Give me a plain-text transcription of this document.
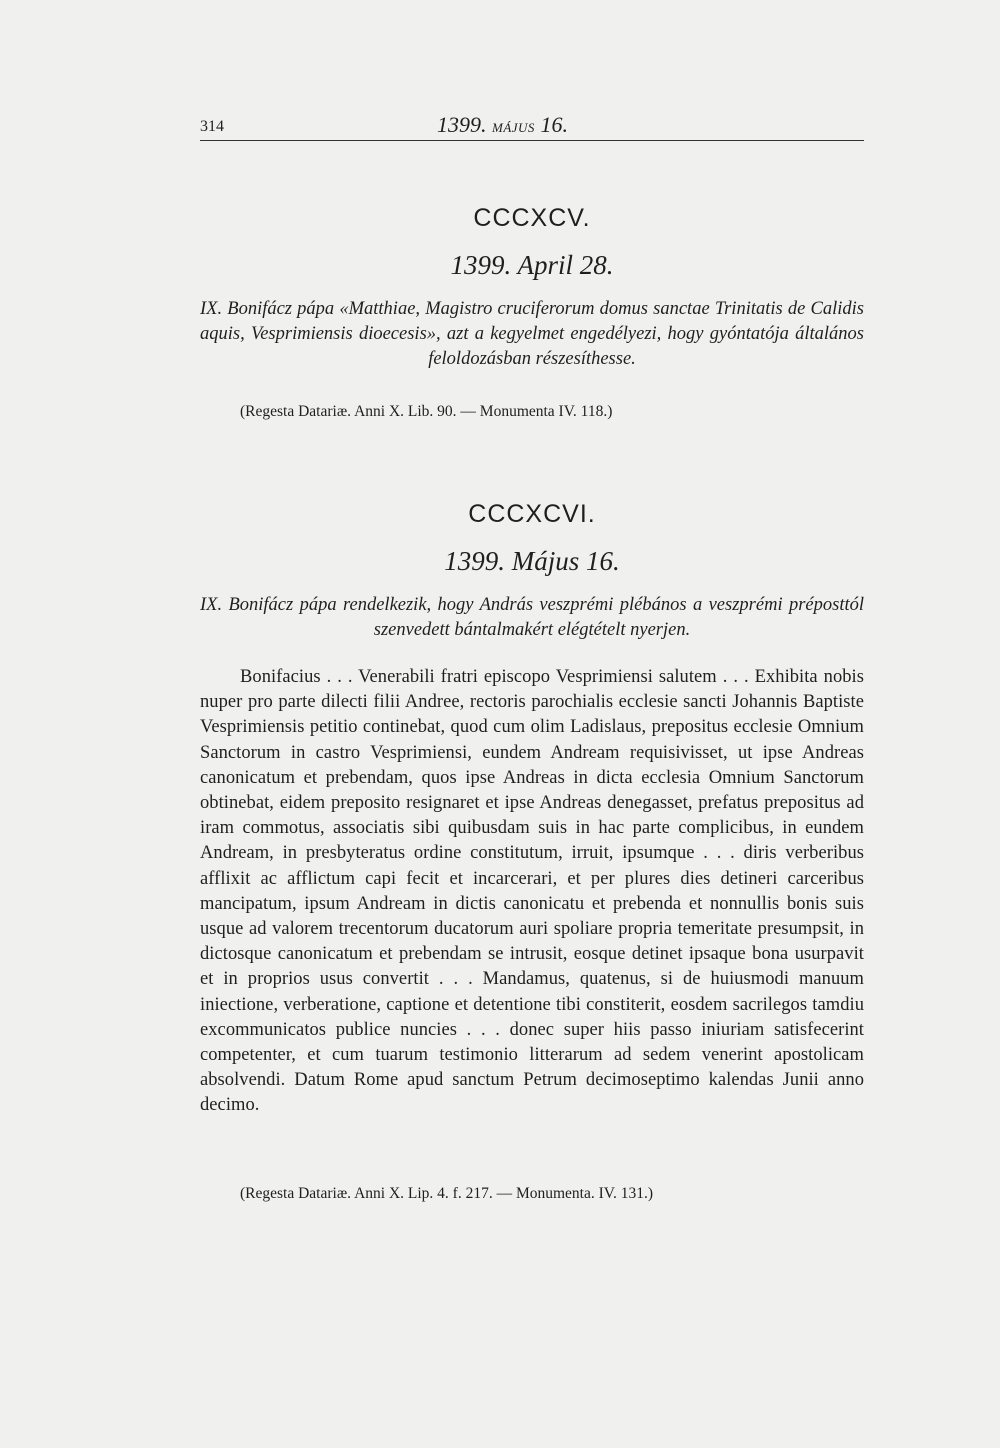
314	1399. MÁJUS 16.
CCCXCV.
1399. April 28.
IX. Bonifácz pápa «Matthiae, Magistro cruciferorum domus sanctae Trinitatis de Calidis aquis, Vesprimiensis dioecesis», azt a kegyelmet engedélyezi, hogy gyóntatója általános feloldozásban részesíthesse.
(Regesta Datariæ. Anni X. Lib. 90. — Monumenta IV. 118.)
CCCXCVI.
1399. Május 16.
IX. Bonifácz pápa rendelkezik, hogy András veszprémi plébános a veszprémi préposttól szenvedett bántalmakért elégtételt nyerjen.

Bonifacius . . . Venerabili fratri episcopo Vesprimiensi salutem . . . Exhibita nobis nuper pro parte dilecti filii Andree, rectoris parochialis ecclesie sancti Johannis Baptiste Vesprimiensis petitio continebat, quod cum olim Ladislaus, prepositus ecclesie Omnium Sanctorum in castro Vesprimiensi, eundem Andream requisivisset, ut ipse Andreas canonicatum et prebendam, quos ipse Andreas in dicta ecclesia Omnium Sanctorum obtinebat, eidem preposito resignaret et ipse Andreas denegasset, prefatus prepositus ad iram commotus, associatis sibi quibusdam suis in hac parte complicibus, in eundem Andream, in presbyteratus ordine constitutum, irruit, ipsumque . . . diris verberibus afflixit ac afflictum capi fecit et incarcerari, et per plures dies detineri carceribus mancipatum, ipsum Andream in dictis canonicatu et prebenda et nonnullis bonis suis usque ad valorem trecentorum ducatorum auri spoliare propria temeritate presumpsit, in dictosque canonicatum et prebendam se intrusit, eosque detinet ipsaque bona usurpavit et in proprios usus convertit . . . Mandamus, quatenus, si de huiusmodi manuum iniectione, verberatione, captione et detentione tibi constiterit, eosdem sacrilegos tamdiu excommunicatos publice nuncies . . . donec super hiis passo iniuriam satisfecerint competenter, et cum tuarum testimonio litterarum ad sedem venerint apostolicam absolvendi. Datum Rome apud sanctum Petrum decimoseptimo kalendas Junii anno decimo.

(Regesta Datariæ. Anni X. Lip. 4. f. 217. — Monumenta. IV. 131.)
